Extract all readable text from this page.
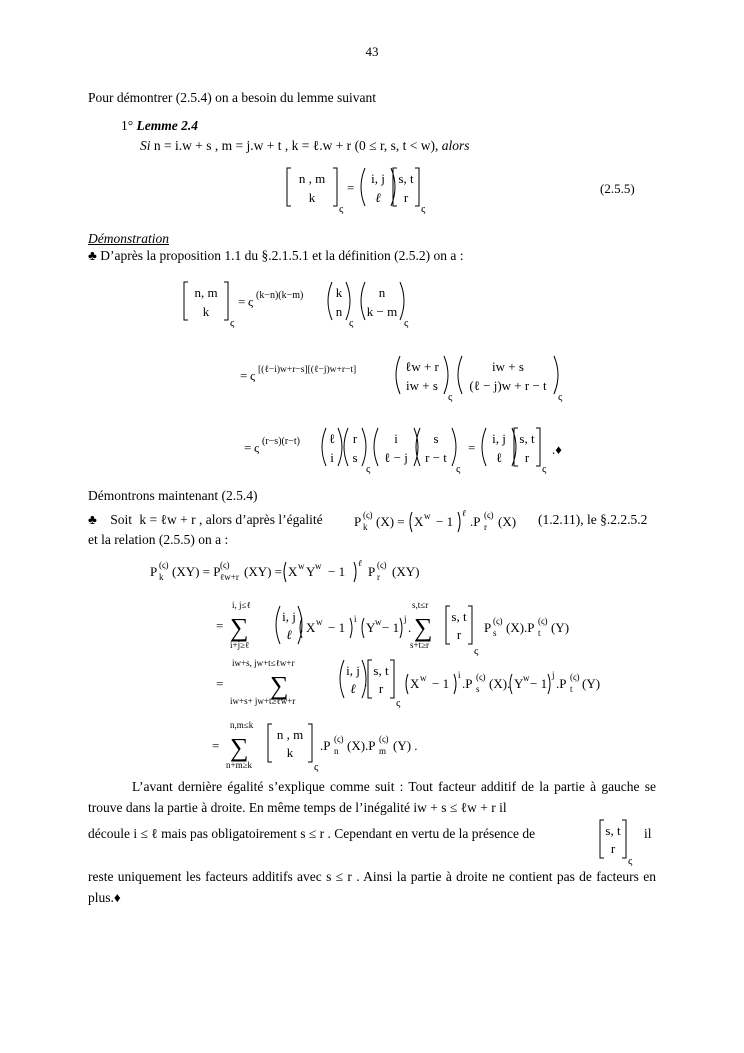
43
Pour démontrer (2.5.4) on a besoin du lemme suivant
1° Lemme 2.4
Si n = i.w + s , m = j.w + t , k = ℓ.w + r (0 ≤ r, s, t < w), alors
n , m
k
ς
=
i, j
ℓ
s, t
r
ς
(2.5.5)
Démonstration
♣ D’après la proposition 1.1 du §.2.1.5.1 et la définition (2.5.2) on a :
n, m
k
ς
= ς (k−n)(k−m) k
n
ς
n
k − m
ς
= ς [(ℓ−i)w+r−s][(ℓ−j)w+r−t]	ℓw + r
iw + s
ς
iw + s
(ℓ − j)w + r − t
ς
= ς (r−s)(r−t) ℓ
i
r
s
ς
i
ℓ − j
s
r − t
ς
=
i, j
ℓ
s, t
r
ς
.♦
Démontrons maintenant (2.5.4)
♣ Soit k = ℓw + r , alors d’après l’égalité P (ς)
k (X) = X w − 1
ℓ
.P (ς)
r (X) (1.2.11), le §.2.2.5.2
et la relation (2.5.5) on a :
P (ς)
k (XY) = P (ς)
ℓw+r (XY) = X w Y w − 1
ℓ
P (ς)
r (XY)
=
i, j≤ℓ
∑
i+j≥ℓ
i, j
ℓ . X w − 1
i
Y w − 1
j
.
s,t≤r
∑
s+t≥r
s, t
r
ς
P (ς)
s (X).P (ς)
t (Y)
=
iw+s, jw+t≤ℓw+r
∑
iw+s+ jw+t≥ℓw+r
i, j
ℓ .
s, t
r
ς
X w − 1
i
.P (ς)
s (X). Y w − 1
j
.P (ς)
t (Y)
=
n,m≤k
∑
n+m≥k
n , m
k
ς
.P (ς)
n (X).P (ς)
m (Y) .
L’avant dernière égalité s’explique comme suit : Tout facteur additif de la partie à gauche se trouve dans la partie à droite. En même temps de l’inégalité iw + s ≤ ℓw + r il
découle i ≤ ℓ mais pas obligatoirement s ≤ r . Cependant en vertu de la présence de	s, t
r
ς
il
reste uniquement les facteurs additifs avec s ≤ r . Ainsi la partie à droite ne contient pas de facteurs en plus.♦
